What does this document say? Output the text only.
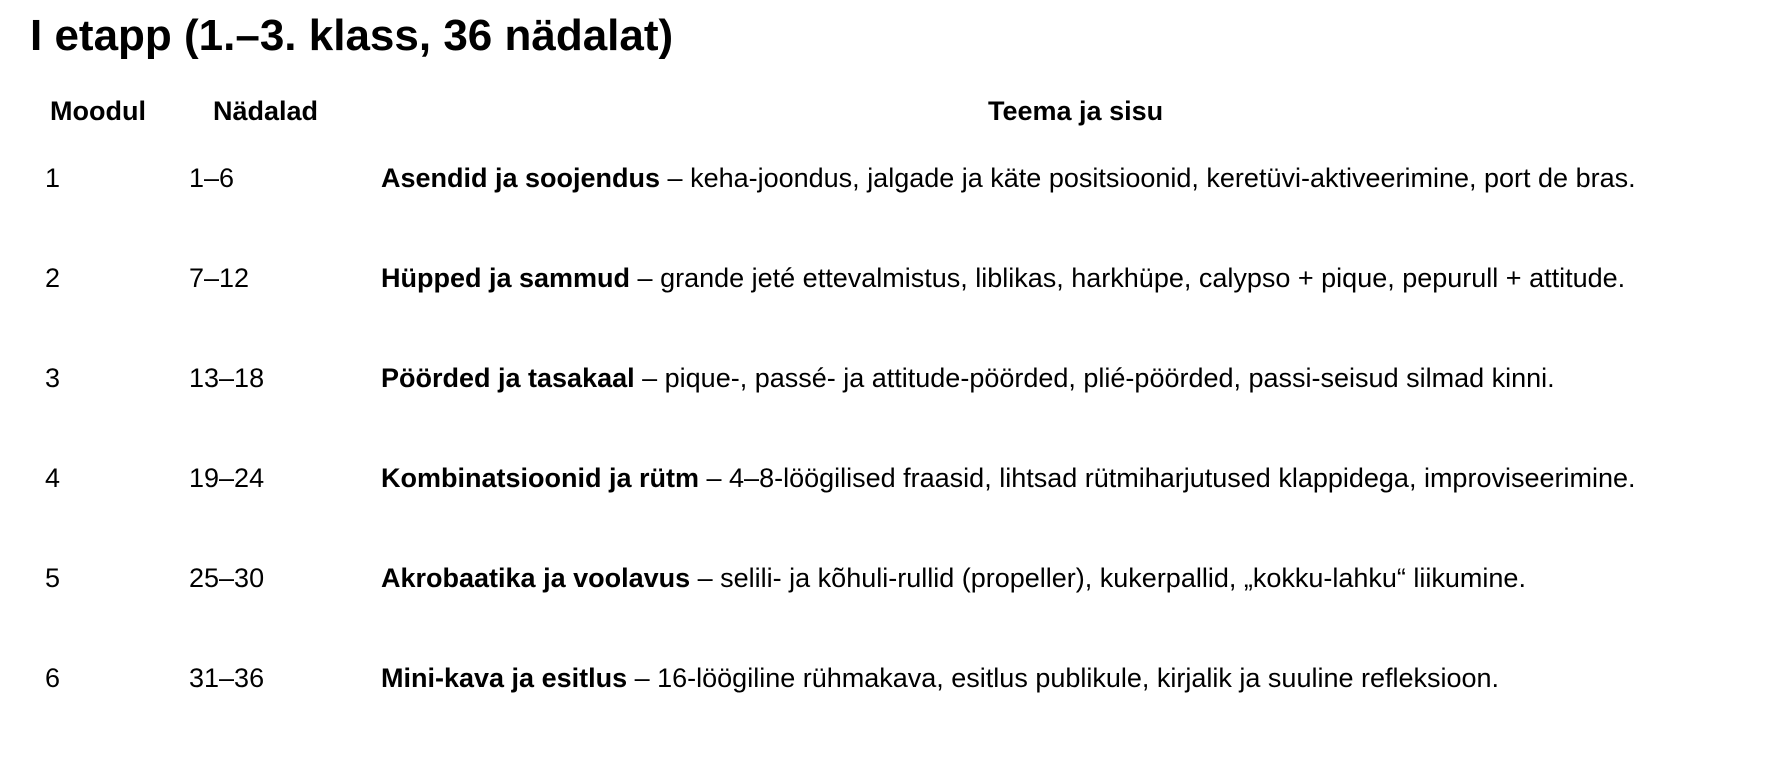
I etapp (1.–3. klass, 36 nädalat)
Moodul Nädalad	Teema ja sisu
1	1–6	Asendid ja soojendus – keha-joondus, jalgade ja käte positsioonid, keretüvi-aktiveerimine, port de bras.
2	7–12	Hüpped ja sammud – grande jeté ettevalmistus, liblikas, harkhüpe, calypso + pique, pepurull + attitude.
3	13–18	Pöörded ja tasakaal – pique-, passé- ja attitude-pöörded, plié-pöörded, passi-seisud silmad kinni.
4	19–24	Kombinatsioonid ja rütm – 4–8-löögilised fraasid, lihtsad rütmiharjutused klappidega, improviseerimine.
5	25–30	Akrobaatika ja voolavus – selili- ja kõhuli-rullid (propeller), kukerpallid, „kokku-lahku“ liikumine.
6	31–36	Mini-kava ja esitlus – 16-löögiline rühmakava, esitlus publikule, kirjalik ja suuline refleksioon.
